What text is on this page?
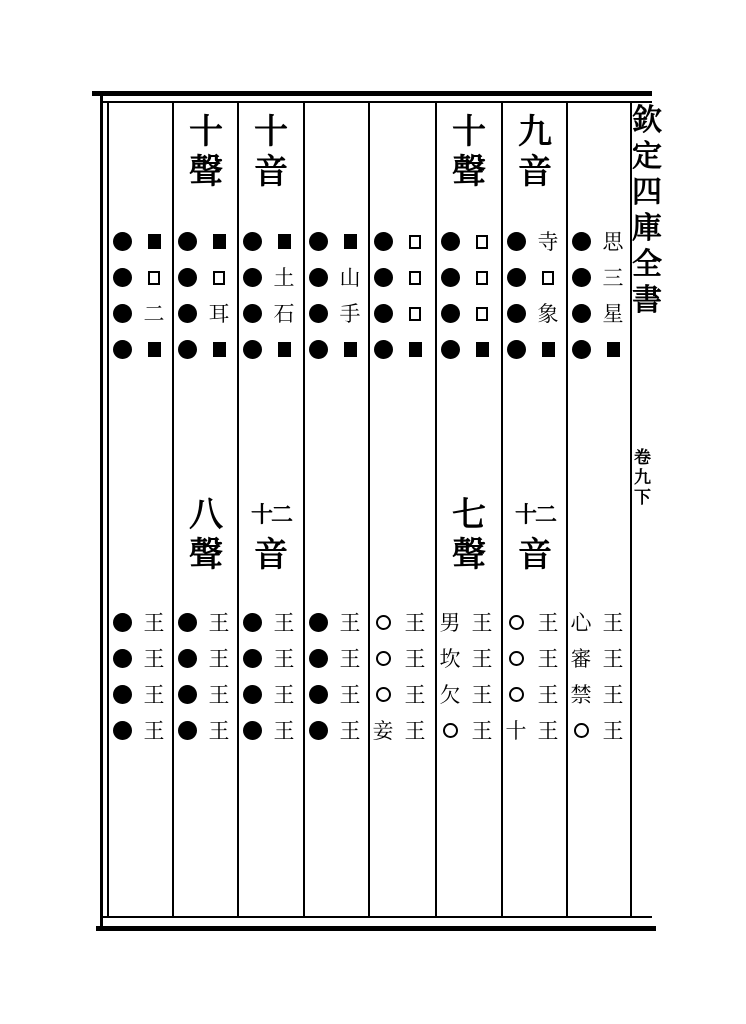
二
王
王
王
王
十
聲
耳
八
聲
王
王
王
王
十
音
土
石
十二
音
王
王
王
王
山
手
王
王
王
王 妾
王
王
王
王
十
聲
七
聲
男
坎
欠
王
王
王
王
九
音
寺
象
十二
音
十
王
王
王
王
思
三
星
心
審
禁
王
王
王
王
欽
定
四
庫
全
書
卷
九
下
